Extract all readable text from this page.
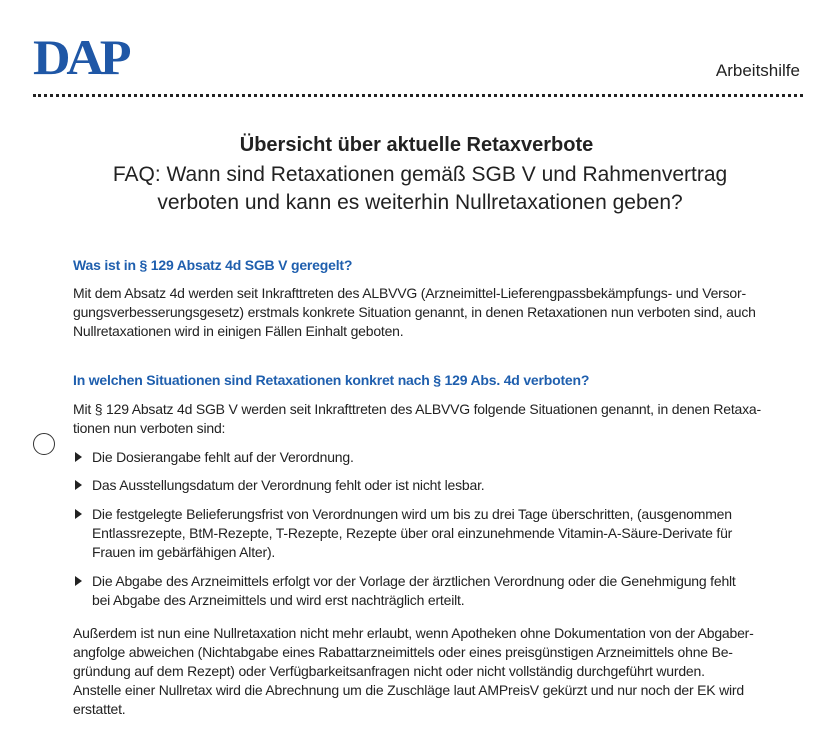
DAP	Arbeitshilfe
Übersicht über aktuelle Retaxverbote
FAQ: Wann sind Retaxationen gemäß SGB V und Rahmenvertrag
verboten und kann es weiterhin Nullretaxationen geben?
Was ist in § 129 Absatz 4d SGB V geregelt?

Mit dem Absatz 4d werden seit Inkrafttreten des ALBVVG (Arzneimittel-Lieferengpassbekämpfungs- und Versor-
gungsverbesserungsgesetz) erstmals konkrete Situation genannt, in denen Retaxationen nun verboten sind, auch
Nullretaxationen wird in einigen Fällen Einhalt geboten.

In welchen Situationen sind Retaxationen konkret nach § 129 Abs. 4d verboten?

Mit § 129 Absatz 4d SGB V werden seit Inkrafttreten des ALBVVG folgende Situationen genannt, in denen Retaxa-
tionen nun verboten sind:

Die Dosierangabe fehlt auf der Verordnung.
Das Ausstellungsdatum der Verordnung fehlt oder ist nicht lesbar.
Die festgelegte Belieferungsfrist von Verordnungen wird um bis zu drei Tage überschritten, (ausgenommen
Entlassrezepte, BtM-Rezepte, T-Rezepte, Rezepte über oral einzunehmende Vitamin-A-Säure-Derivate für
Frauen im gebärfähigen Alter).
Die Abgabe des Arzneimittels erfolgt vor der Vorlage der ärztlichen Verordnung oder die Genehmigung fehlt
bei Abgabe des Arzneimittels und wird erst nachträglich erteilt.

Außerdem ist nun eine Nullretaxation nicht mehr erlaubt, wenn Apotheken ohne Dokumentation von der Abgaber-
angfolge abweichen (Nichtabgabe eines Rabattarzneimittels oder eines preisgünstigen Arzneimittels ohne Be-
gründung auf dem Rezept) oder Verfügbarkeitsanfragen nicht oder nicht vollständig durchgeführt wurden.
Anstelle einer Nullretax wird die Abrechnung um die Zuschläge laut AMPreisV gekürzt und nur noch der EK wird
erstattet.
